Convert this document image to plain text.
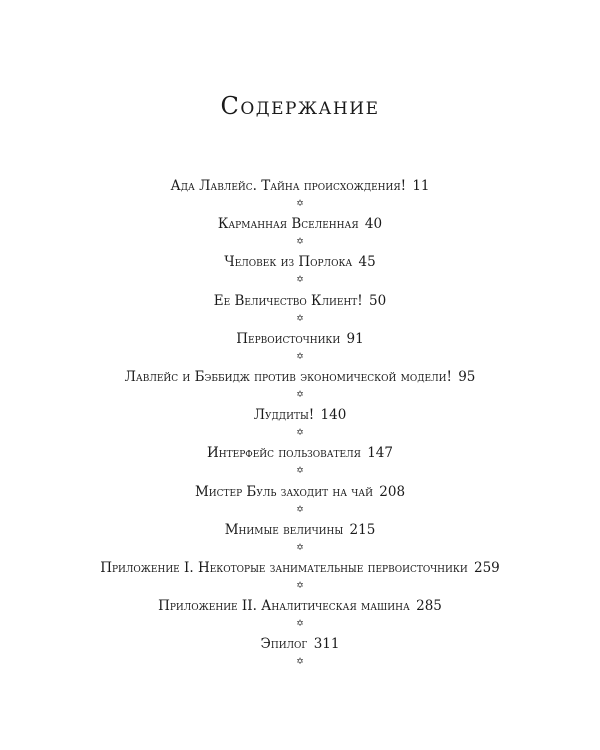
Содержание
Ада Лавлейс. Тайна происхождения! 11
✡
Карманная Вселенная 40
✡
Человек из Порлока 45
✡
Ее Величество Клиент! 50
✡
Первоисточники 91
✡
Лавлейс и Бэббидж против экономической модели! 95
✡
Луддиты! 140
✡
Интерфейс пользователя 147
✡
Мистер Буль заходит на чай 208
✡
Мнимые величины 215
✡
Приложение I. Некоторые занимательные первоисточники 259
✡
Приложение II. Аналитическая машина 285
✡
Эпилог 311
✡
